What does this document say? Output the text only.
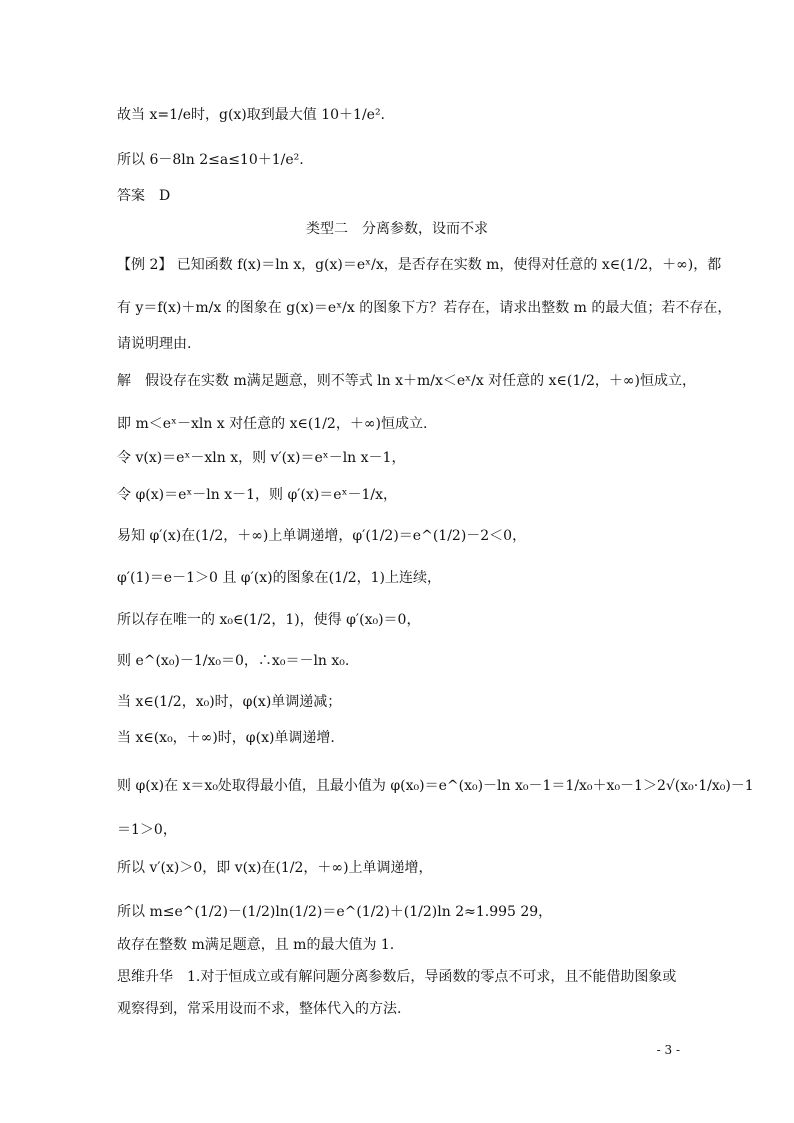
故当 x=1/e时，g(x)取到最大值 10＋1/e².
所以 6－8ln 2≤a≤10＋1/e².
答案　D
类型二　分离参数，设而不求
【例 2】 已知函数 f(x)＝ln x，g(x)＝eˣ/x，是否存在实数 m，使得对任意的 x∈(1/2，＋∞)，都
有 y＝f(x)＋m/x 的图象在 g(x)＝eˣ/x 的图象下方？若存在，请求出整数 m 的最大值；若不存在，
请说明理由.
解　假设存在实数 m满足题意，则不等式 ln x＋m/x＜eˣ/x 对任意的 x∈(1/2，＋∞)恒成立，
即 m＜eˣ－xln x 对任意的 x∈(1/2，＋∞)恒成立.
令 v(x)＝eˣ－xln x，则 v′(x)＝eˣ－ln x－1，
令 φ(x)＝eˣ－ln x－1，则 φ′(x)＝eˣ－1/x，
易知 φ′(x)在(1/2，＋∞)上单调递增，φ′(1/2)＝e^(1/2)－2＜0，
φ′(1)＝e－1＞0 且 φ′(x)的图象在(1/2，1)上连续，
所以存在唯一的 x₀∈(1/2，1)，使得 φ′(x₀)＝0，
则 e^(x₀)－1/x₀＝0，∴x₀＝－ln x₀.
当 x∈(1/2，x₀)时，φ(x)单调递减；
当 x∈(x₀，＋∞)时，φ(x)单调递增.
则 φ(x)在 x＝x₀处取得最小值，且最小值为 φ(x₀)＝e^(x₀)－ln x₀－1＝1/x₀＋x₀－1＞2√(x₀·1/x₀)－1
＝1＞0，
所以 v′(x)＞0，即 v(x)在(1/2，＋∞)上单调递增，
所以 m≤e^(1/2)－(1/2)ln(1/2)＝e^(1/2)＋(1/2)ln 2≈1.995 29，
故存在整数 m满足题意，且 m的最大值为 1.
思维升华　1.对于恒成立或有解问题分离参数后，导函数的零点不可求，且不能借助图象或
观察得到，常采用设而不求，整体代入的方法.
- 3 -
